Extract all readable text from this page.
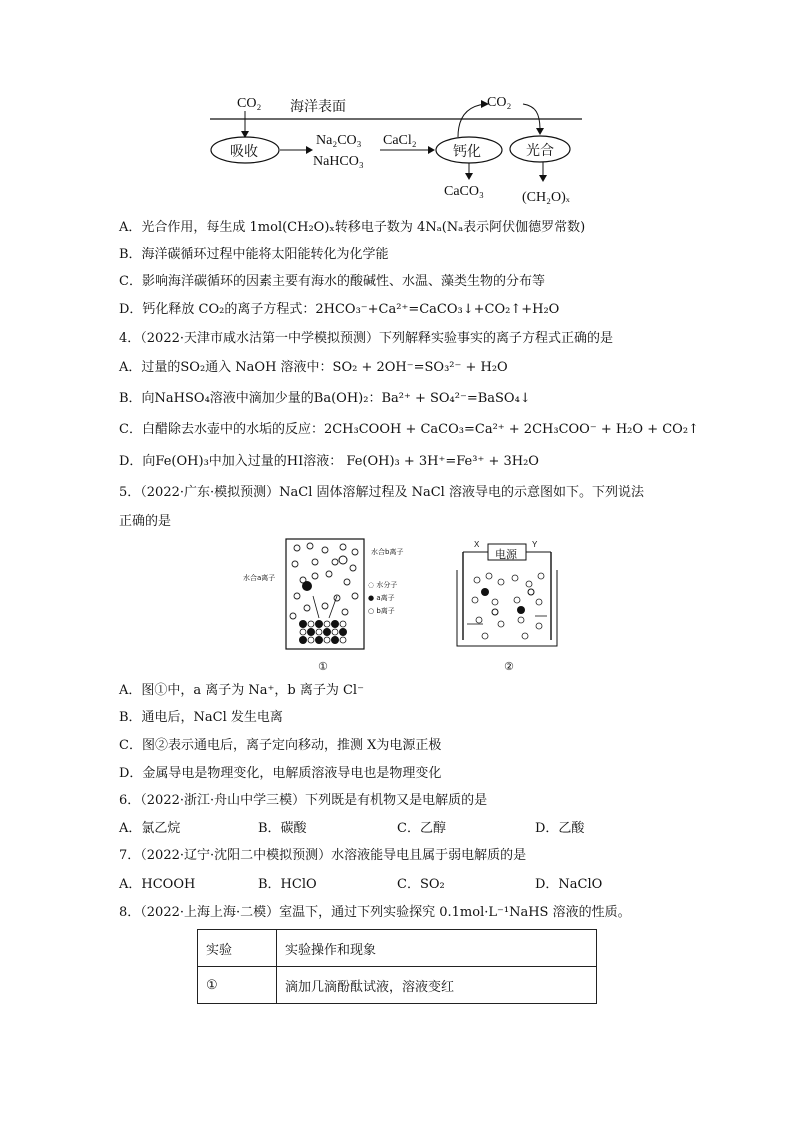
CO₂ 海洋表面
吸收
Na₂CO₃
NaHCO₃
CaCl₂
钙化
CO₂
光合
CaCO₃	(CH₂O)ₓ
A．光合作用，每生成 1mol(CH₂O)ₓ转移电子数为 4Nₐ(Nₐ表示阿伏伽德罗常数)
B．海洋碳循环过程中能将太阳能转化为化学能
C．影响海洋碳循环的因素主要有海水的酸碱性、水温、藻类生物的分布等
D．钙化释放 CO₂的离子方程式：2HCO₃⁻+Ca²⁺=CaCO₃↓+CO₂↑+H₂O
4．（2022·天津市咸水沽第一中学模拟预测）下列解释实验事实的离子方程式正确的是
A．过量的SO₂通入 NaOH 溶液中：SO₂ + 2OH⁻=SO₃²⁻ + H₂O
B．向NaHSO₄溶液中滴加少量的Ba(OH)₂：Ba²⁺ + SO₄²⁻=BaSO₄↓
C．白醋除去水壶中的水垢的反应：2CH₃COOH + CaCO₃=Ca²⁺ + 2CH₃COO⁻ + H₂O + CO₂↑
D．向Fe(OH)₃中加入过量的HI溶液： Fe(OH)₃ + 3H⁺=Fe³⁺ + 3H₂O
5．（2022·广东·模拟预测）NaCl 固体溶解过程及 NaCl 溶液导电的示意图如下。下列说法
正确的是
水合b离子
水合a离子
◌ 水分子
● a离子
○ b离子
①
X	Y
电源
②
A．图①中，a 离子为 Na⁺，b 离子为 Cl⁻
B．通电后，NaCl 发生电离
C．图②表示通电后，离子定向移动，推测 X为电源正极
D．金属导电是物理变化，电解质溶液导电也是物理变化
6．（2022·浙江·舟山中学三模）下列既是有机物又是电解质的是
A．氯乙烷	B．碳酸	C．乙醇	D．乙酸
7．（2022·辽宁·沈阳二中模拟预测）水溶液能导电且属于弱电解质的是
A．HCOOH	B．HClO	C．SO₂	D．NaClO
8．（2022·上海上海·二模）室温下，通过下列实验探究 0.1mol·L⁻¹NaHS 溶液的性质。
实验	实验操作和现象
①	滴加几滴酚酞试液，溶液变红
